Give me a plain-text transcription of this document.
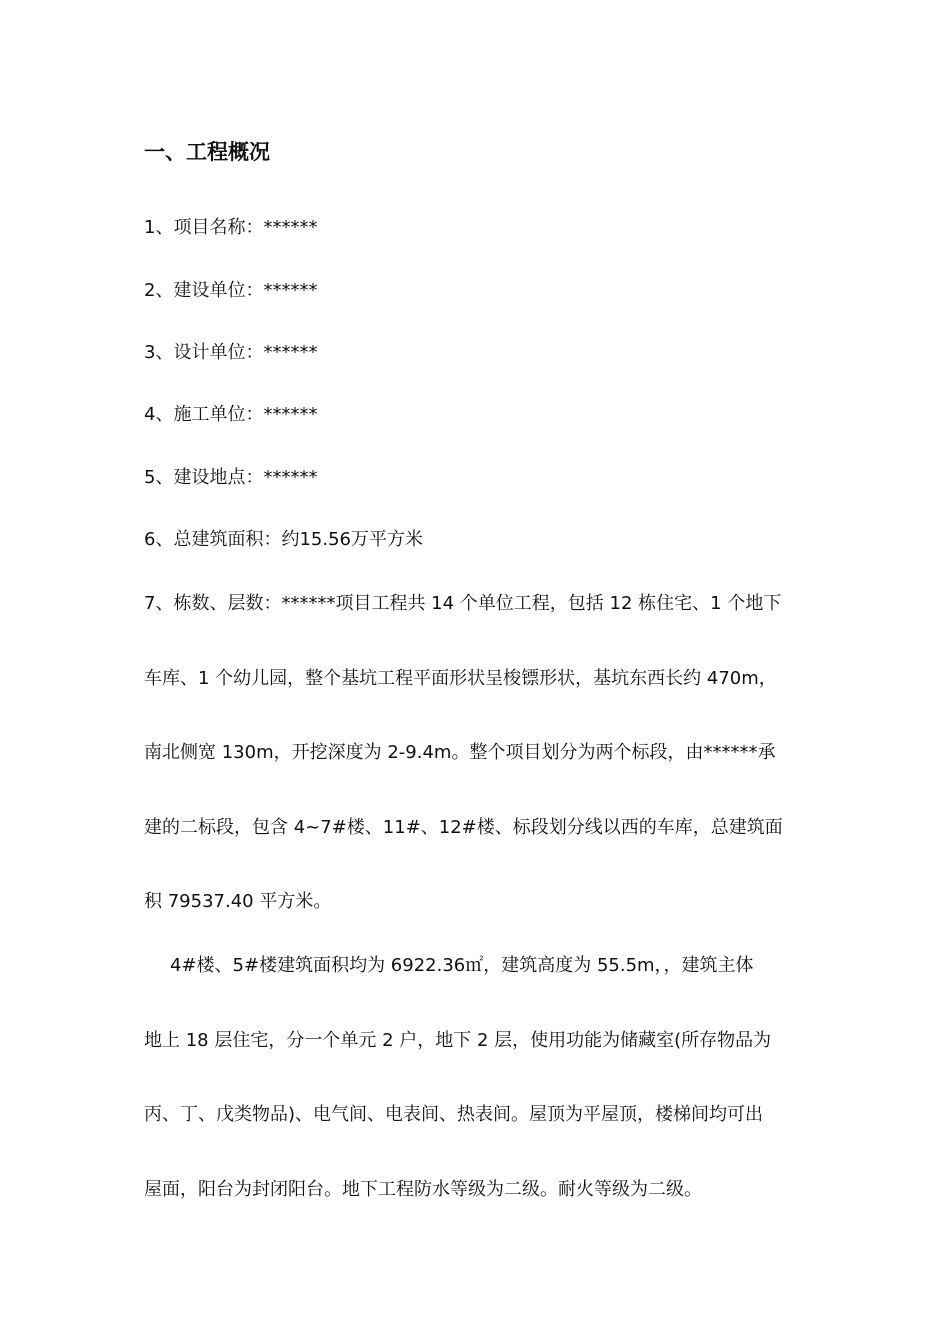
一、工程概况

1、项目名称：******

2、建设单位：******

3、设计单位：******

4、施工单位：******

5、建设地点：******

6、总建筑面积：约15.56万平方米

7、栋数、层数：******项目工程共 14 个单位工程，包括 12 栋住宅、1 个地下

车库、1 个幼儿园，整个基坑工程平面形状呈梭镖形状，基坑东西长约 470m，

南北侧宽 130m，开挖深度为 2-9.4m。整个项目划分为两个标段，由******承

建的二标段，包含 4~7#楼、11#、12#楼、标段划分线以西的车库，总建筑面

积 79537.40 平方米。

4#楼、5#楼建筑面积均为 6922.36㎡，建筑高度为 55.5m，，建筑主体

地上 18 层住宅，分一个单元 2 户，地下 2 层，使用功能为储藏室(所存物品为

丙、丁、戊类物品)、电气间、电表间、热表间。屋顶为平屋顶，楼梯间均可出

屋面，阳台为封闭阳台。地下工程防水等级为二级。耐火等级为二级。
